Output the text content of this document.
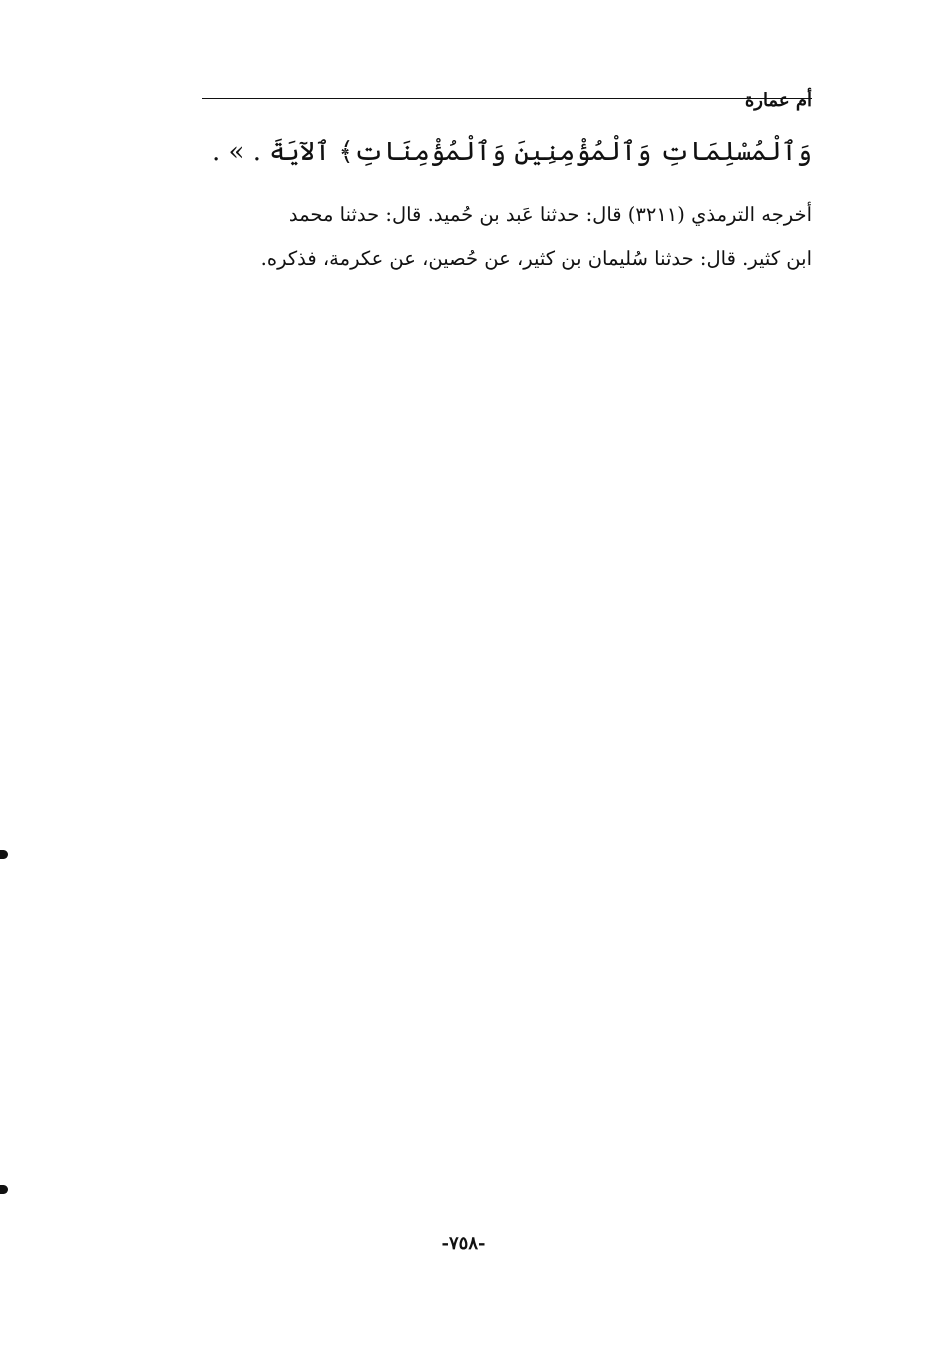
أم عمارة
وَٱلْمُسْلِمَاتِ وَٱلْمُؤْمِنِينَ وَٱلْمُؤْمِنَاتِ﴾ ٱلآيَةَ . » .
أخرجه الترمذي (٣٢١١) قال: حدثنا عَبد بن حُميد. قال: حدثنا محمد
ابن كثير. قال: حدثنا سُليمان بن كثير، عن حُصين، عن عكرمة، فذكره.
-٧٥٨-
